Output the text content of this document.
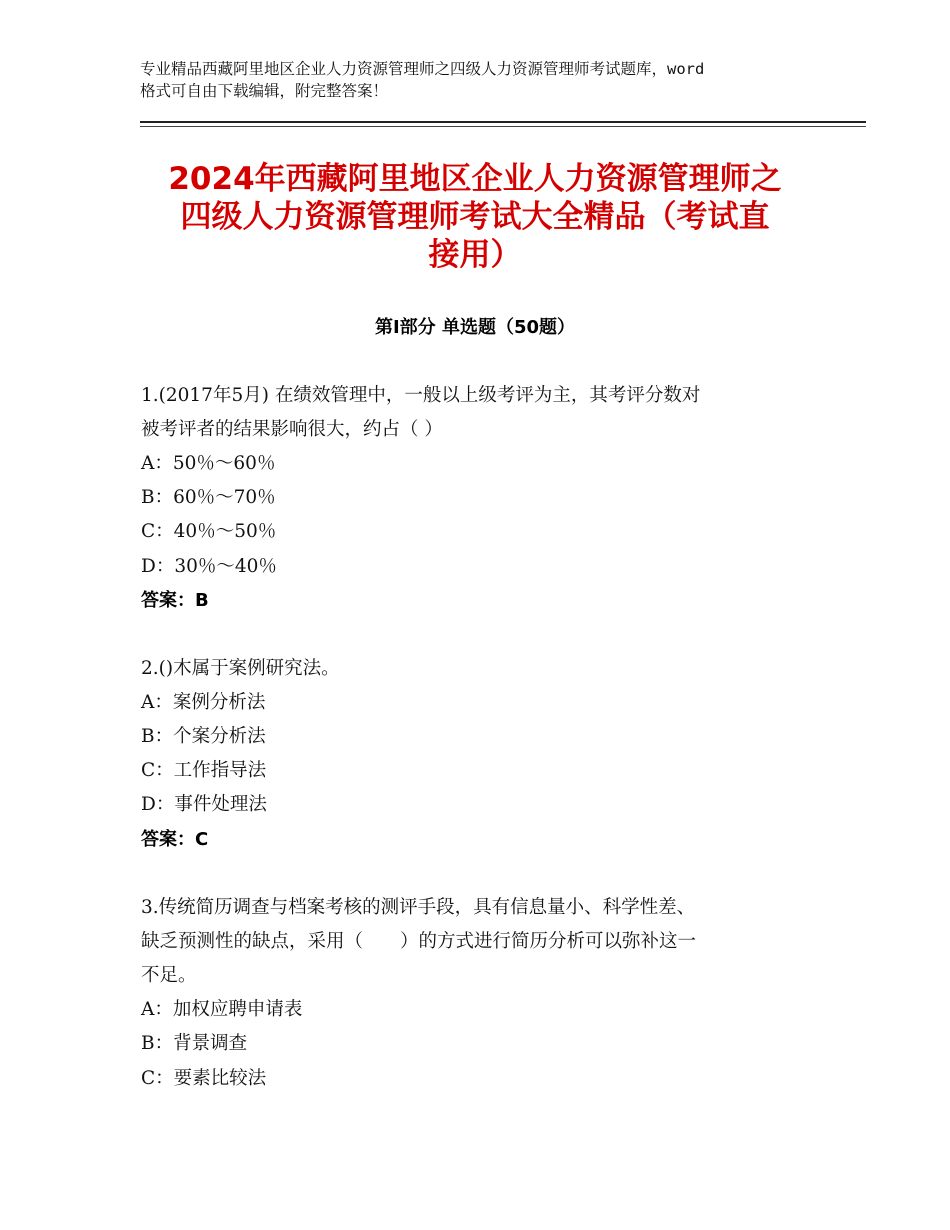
专业精品西藏阿里地区企业人力资源管理师之四级人力资源管理师考试题库，word
格式可自由下载编辑，附完整答案！
2024年西藏阿里地区企业人力资源管理师之
四级人力资源管理师考试大全精品（考试直
接用）
第Ⅰ部分 单选题（50题）
1.(2017年5月) 在绩效管理中，一般以上级考评为主，其考评分数对
被考评者的结果影响很大，约占（ ）
A：50％～60％
B：60％～70％
C：40％～50％
D：30％～40％
答案：B
2.()木属于案例研究法。
A：案例分析法
B：个案分析法
C：工作指导法
D：事件处理法
答案：C
3.传统简历调查与档案考核的测评手段，具有信息量小、科学性差、
缺乏预测性的缺点，采用（　　）的方式进行简历分析可以弥补这一
不足。
A：加权应聘申请表
B：背景调查
C：要素比较法
